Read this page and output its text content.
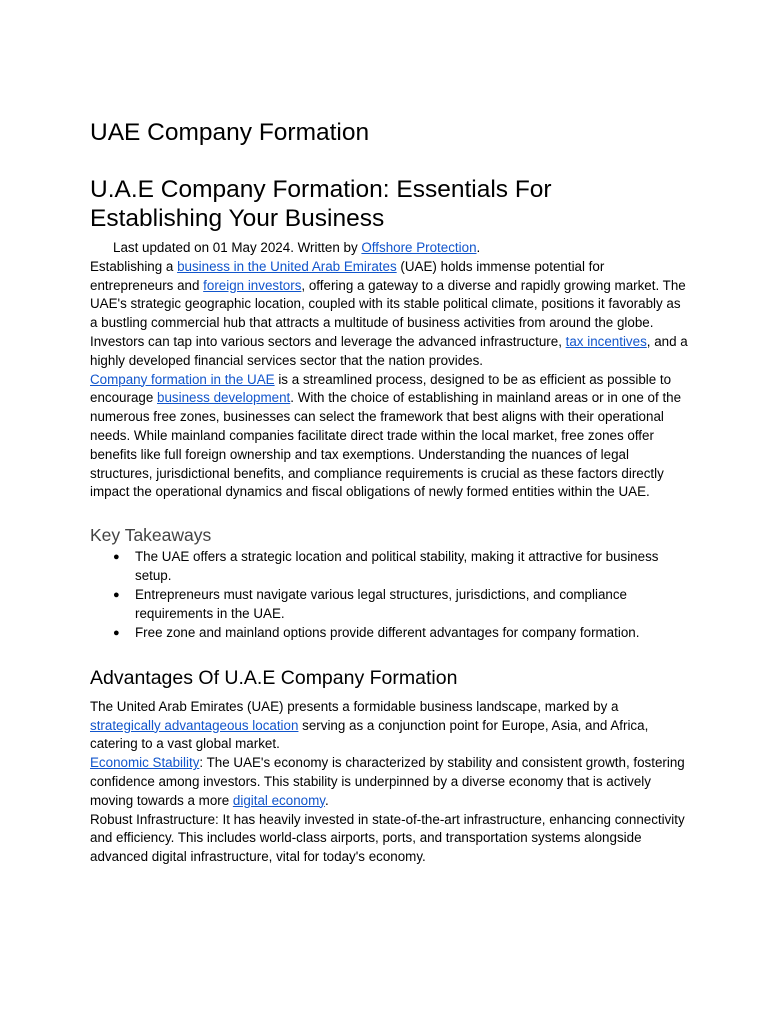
UAE Company Formation
U.A.E Company Formation: Essentials For Establishing Your Business

Last updated on 01 May 2024. Written by Offshore Protection.

Establishing a business in the United Arab Emirates (UAE) holds immense potential for entrepreneurs and foreign investors, offering a gateway to a diverse and rapidly growing market. The UAE's strategic geographic location, coupled with its stable political climate, positions it favorably as a bustling commercial hub that attracts a multitude of business activities from around the globe. Investors can tap into various sectors and leverage the advanced infrastructure, tax incentives, and a highly developed financial services sector that the nation provides.

Company formation in the UAE is a streamlined process, designed to be as efficient as possible to encourage business development. With the choice of establishing in mainland areas or in one of the numerous free zones, businesses can select the framework that best aligns with their operational needs. While mainland companies facilitate direct trade within the local market, free zones offer benefits like full foreign ownership and tax exemptions. Understanding the nuances of legal structures, jurisdictional benefits, and compliance requirements is crucial as these factors directly impact the operational dynamics and fiscal obligations of newly formed entities within the UAE.

Key Takeaways
● The UAE offers a strategic location and political stability, making it attractive for business setup.
● Entrepreneurs must navigate various legal structures, jurisdictions, and compliance requirements in the UAE.
● Free zone and mainland options provide different advantages for company formation.
Advantages Of U.A.E Company Formation

The United Arab Emirates (UAE) presents a formidable business landscape, marked by a strategically advantageous location serving as a conjunction point for Europe, Asia, and Africa, catering to a vast global market.

Economic Stability: The UAE's economy is characterized by stability and consistent growth, fostering confidence among investors. This stability is underpinned by a diverse economy that is actively moving towards a more digital economy.

Robust Infrastructure: It has heavily invested in state-of-the-art infrastructure, enhancing connectivity and efficiency. This includes world-class airports, ports, and transportation systems alongside advanced digital infrastructure, vital for today's economy.
